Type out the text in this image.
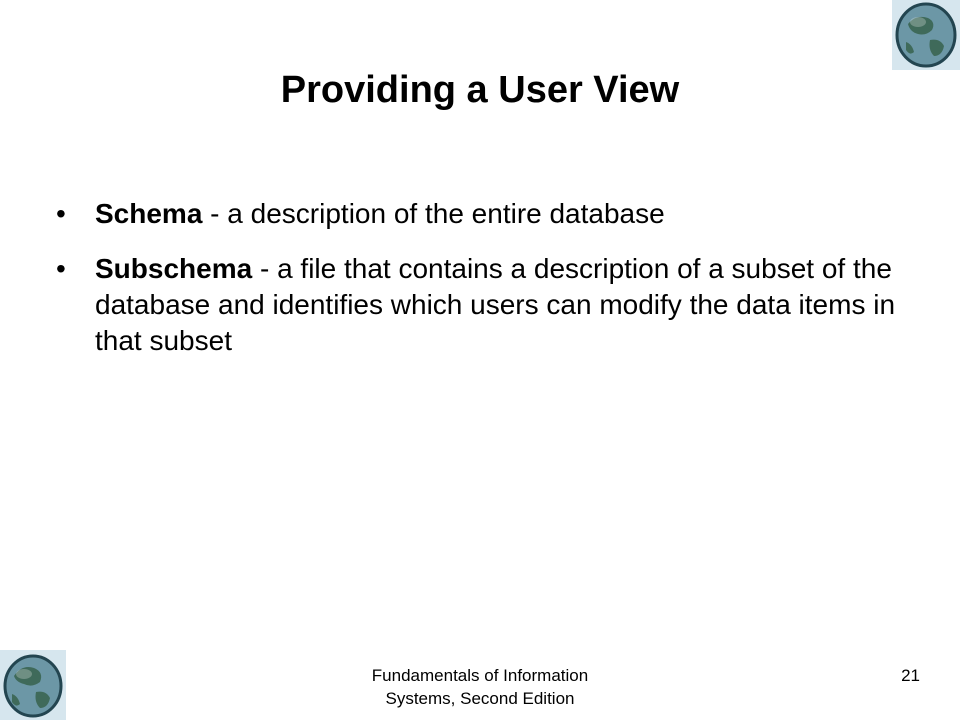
Providing a User View
• Schema - a description of the entire database
• Subschema - a file that contains a description of a subset of the database and identifies which users can modify the data items in that subset
Fundamentals of Information
Systems, Second Edition
21
